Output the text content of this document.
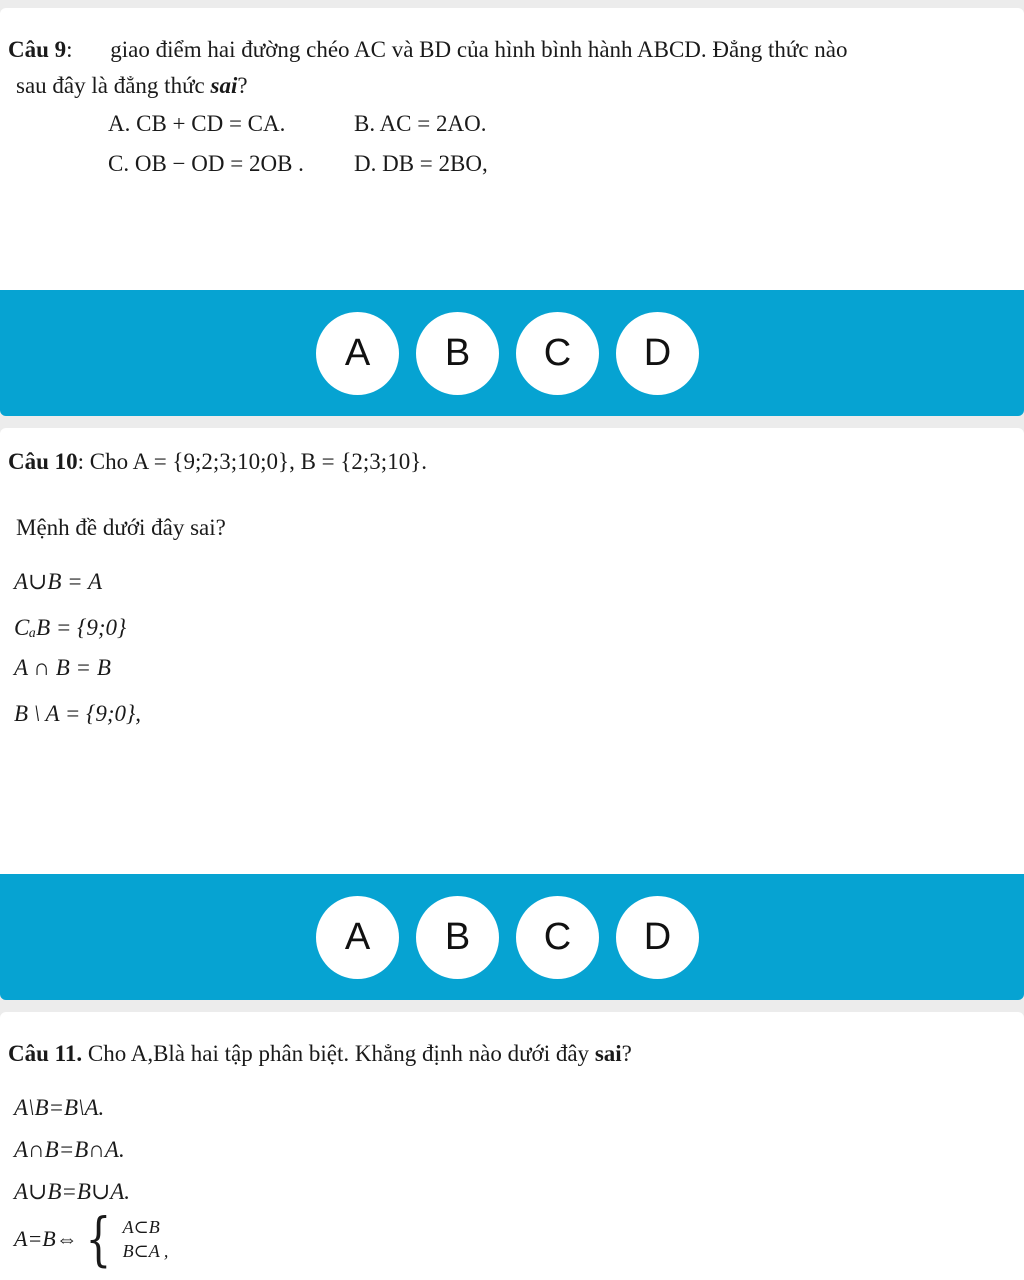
Câu 9: giao điểm hai đường chéo AC và BD của hình bình hành ABCD. Đẳng thức nào
sau đây là đẳng thức sai?
A. CB + CD = CA.	B. AC = 2AO.
C. OB − OD = 2OB . D. DB = 2BO,
A	B	C	D
Câu 10: Cho A = {9;2;3;10;0}, B = {2;3;10}.
Mệnh đề dưới đây sai?
A∪B = A
CₐB = {9;0}
A ∩ B = B
B \ A = {9;0},
A	B	C	D
Câu 11. Cho A,Blà hai tập phân biệt. Khẳng định nào dưới đây sai?
A\B=B\A.
A∩B=B∩A.
A∪B=B∪A.
A=B⇔ { A⊂B
B⊂A ,
